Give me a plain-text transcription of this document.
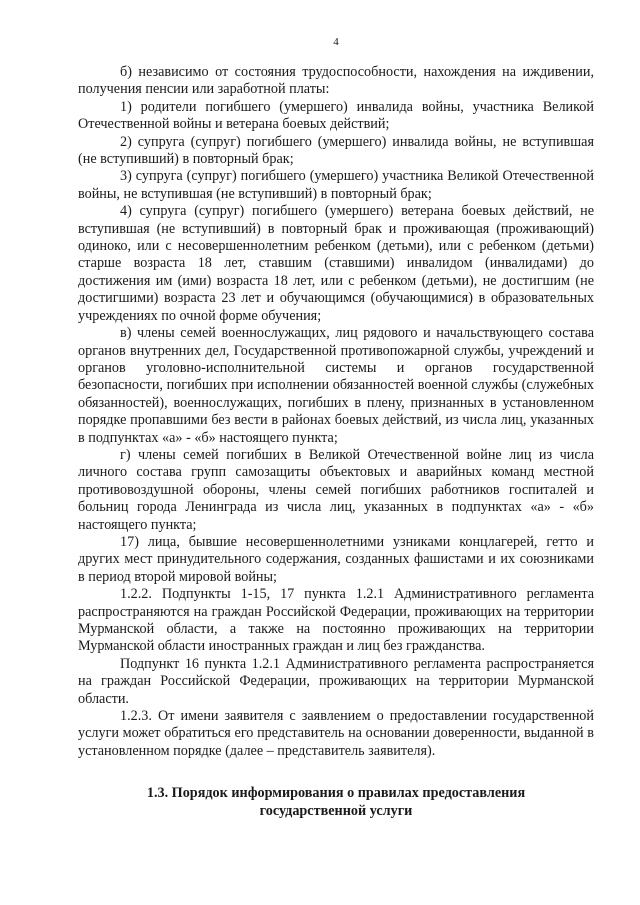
4

б) независимо от состояния трудоспособности, нахождения на иждивении, получения пенсии или заработной платы:

1) родители погибшего (умершего) инвалида войны, участника Великой Отечественной войны и ветерана боевых действий;

2) супруга (супруг) погибшего (умершего) инвалида войны, не вступившая (не вступивший) в повторный брак;

3) супруга (супруг) погибшего (умершего) участника Великой Отечественной войны, не вступившая (не вступивший) в повторный брак;

4) супруга (супруг) погибшего (умершего) ветерана боевых действий, не вступившая (не вступивший) в повторный брак и проживающая (проживающий) одиноко, или с несовершеннолетним ребенком (детьми), или с ребенком (детьми) старше возраста 18 лет, ставшим (ставшими) инвалидом (инвалидами) до достижения им (ими) возраста 18 лет, или с ребенком (детьми), не достигшим (не достигшими) возраста 23 лет и обучающимся (обучающимися) в образовательных учреждениях по очной форме обучения;

в) члены семей военнослужащих, лиц рядового и начальствующего состава органов внутренних дел, Государственной противопожарной службы, учреждений и органов уголовно-исполнительной системы и органов государственной безопасности, погибших при исполнении обязанностей военной службы (служебных обязанностей), военнослужащих, погибших в плену, признанных в установленном порядке пропавшими без вести в районах боевых действий, из числа лиц, указанных в подпунктах «а» - «б» настоящего пункта;

г) члены семей погибших в Великой Отечественной войне лиц из числа личного состава групп самозащиты объектовых и аварийных команд местной противовоздушной обороны, члены семей погибших работников госпиталей и больниц города Ленинграда из числа лиц, указанных в подпунктах «а» - «б» настоящего пункта;

17) лица, бывшие несовершеннолетними узниками концлагерей, гетто и других мест принудительного содержания, созданных фашистами и их союзниками в период второй мировой войны;

1.2.2. Подпункты 1-15, 17 пункта 1.2.1 Административного регламента распространяются на граждан Российской Федерации, проживающих на территории Мурманской области, а также на постоянно проживающих на территории Мурманской области иностранных граждан и лиц без гражданства.

Подпункт 16 пункта 1.2.1 Административного регламента распространяется на граждан Российской Федерации, проживающих на территории Мурманской области.

1.2.3. От имени заявителя с заявлением о предоставлении государственной услуги может обратиться его представитель на основании доверенности, выданной в установленном порядке (далее – представитель заявителя).

1.3. Порядок информирования о правилах предоставления
государственной услуги
